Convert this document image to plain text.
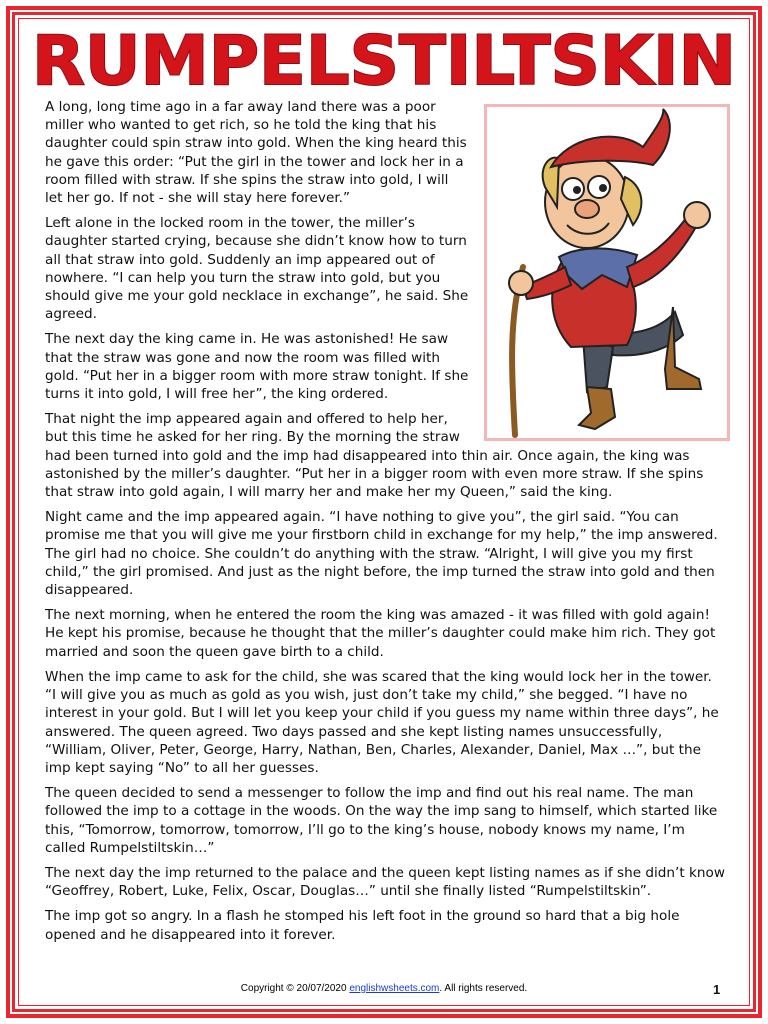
RUMPELSTILTSKIN

A long, long time ago in a far away land there was a poor miller who wanted to get rich, so he told the king that his daughter could spin straw into gold. When the king heard this he gave this order: “Put the girl in the tower and lock her in a room filled with straw. If she spins the straw into gold, I will let her go. If not - she will stay here forever.”

Left alone in the locked room in the tower, the miller’s daughter started crying, because she didn’t know how to turn all that straw into gold. Suddenly an imp appeared out of nowhere. “I can help you turn the straw into gold, but you should give me your gold necklace in exchange”, he said. She agreed.

The next day the king came in. He was astonished! He saw that the straw was gone and now the room was filled with gold. “Put her in a bigger room with more straw tonight. If she turns it into gold, I will free her”, the king ordered.

That night the imp appeared again and offered to help her, but this time he asked for her ring. By the morning the straw had been turned into gold and the imp had disappeared into thin air. Once again, the king was astonished by the miller’s daughter. “Put her in a bigger room with even more straw. If she spins that straw into gold again, I will marry her and make her my Queen,” said the king.

Night came and the imp appeared again. “I have nothing to give you”, the girl said. “You can promise me that you will give me your firstborn child in exchange for my help,” the imp answered. The girl had no choice. She couldn’t do anything with the straw. “Alright, I will give you my first child,” the girl promised. And just as the night before, the imp turned the straw into gold and then disappeared.

The next morning, when he entered the room the king was amazed - it was filled with gold again! He kept his promise, because he thought that the miller’s daughter could make him rich. They got married and soon the queen gave birth to a child.

When the imp came to ask for the child, she was scared that the king would lock her in the tower. “I will give you as much as gold as you wish, just don’t take my child,” she begged. “I have no interest in your gold. But I will let you keep your child if you guess my name within three days”, he answered. The queen agreed. Two days passed and she kept listing names unsuccessfully, “William, Oliver, Peter, George, Harry, Nathan, Ben, Charles, Alexander, Daniel, Max …”, but the imp kept saying “No” to all her guesses.

The queen decided to send a messenger to follow the imp and find out his real name. The man followed the imp to a cottage in the woods. On the way the imp sang to himself, which started like this, “Tomorrow, tomorrow, tomorrow, I’ll go to the king’s house, nobody knows my name, I’m called Rumpelstiltskin…”

The next day the imp returned to the palace and the queen kept listing names as if she didn’t know “Geoffrey, Robert, Luke, Felix, Oscar, Douglas…” until she finally listed “Rumpelstiltskin”.

The imp got so angry. In a flash he stomped his left foot in the ground so hard that a big hole opened and he disappeared into it forever.

Copyright © 20/07/2020 englishwsheets.com. All rights reserved.	1
